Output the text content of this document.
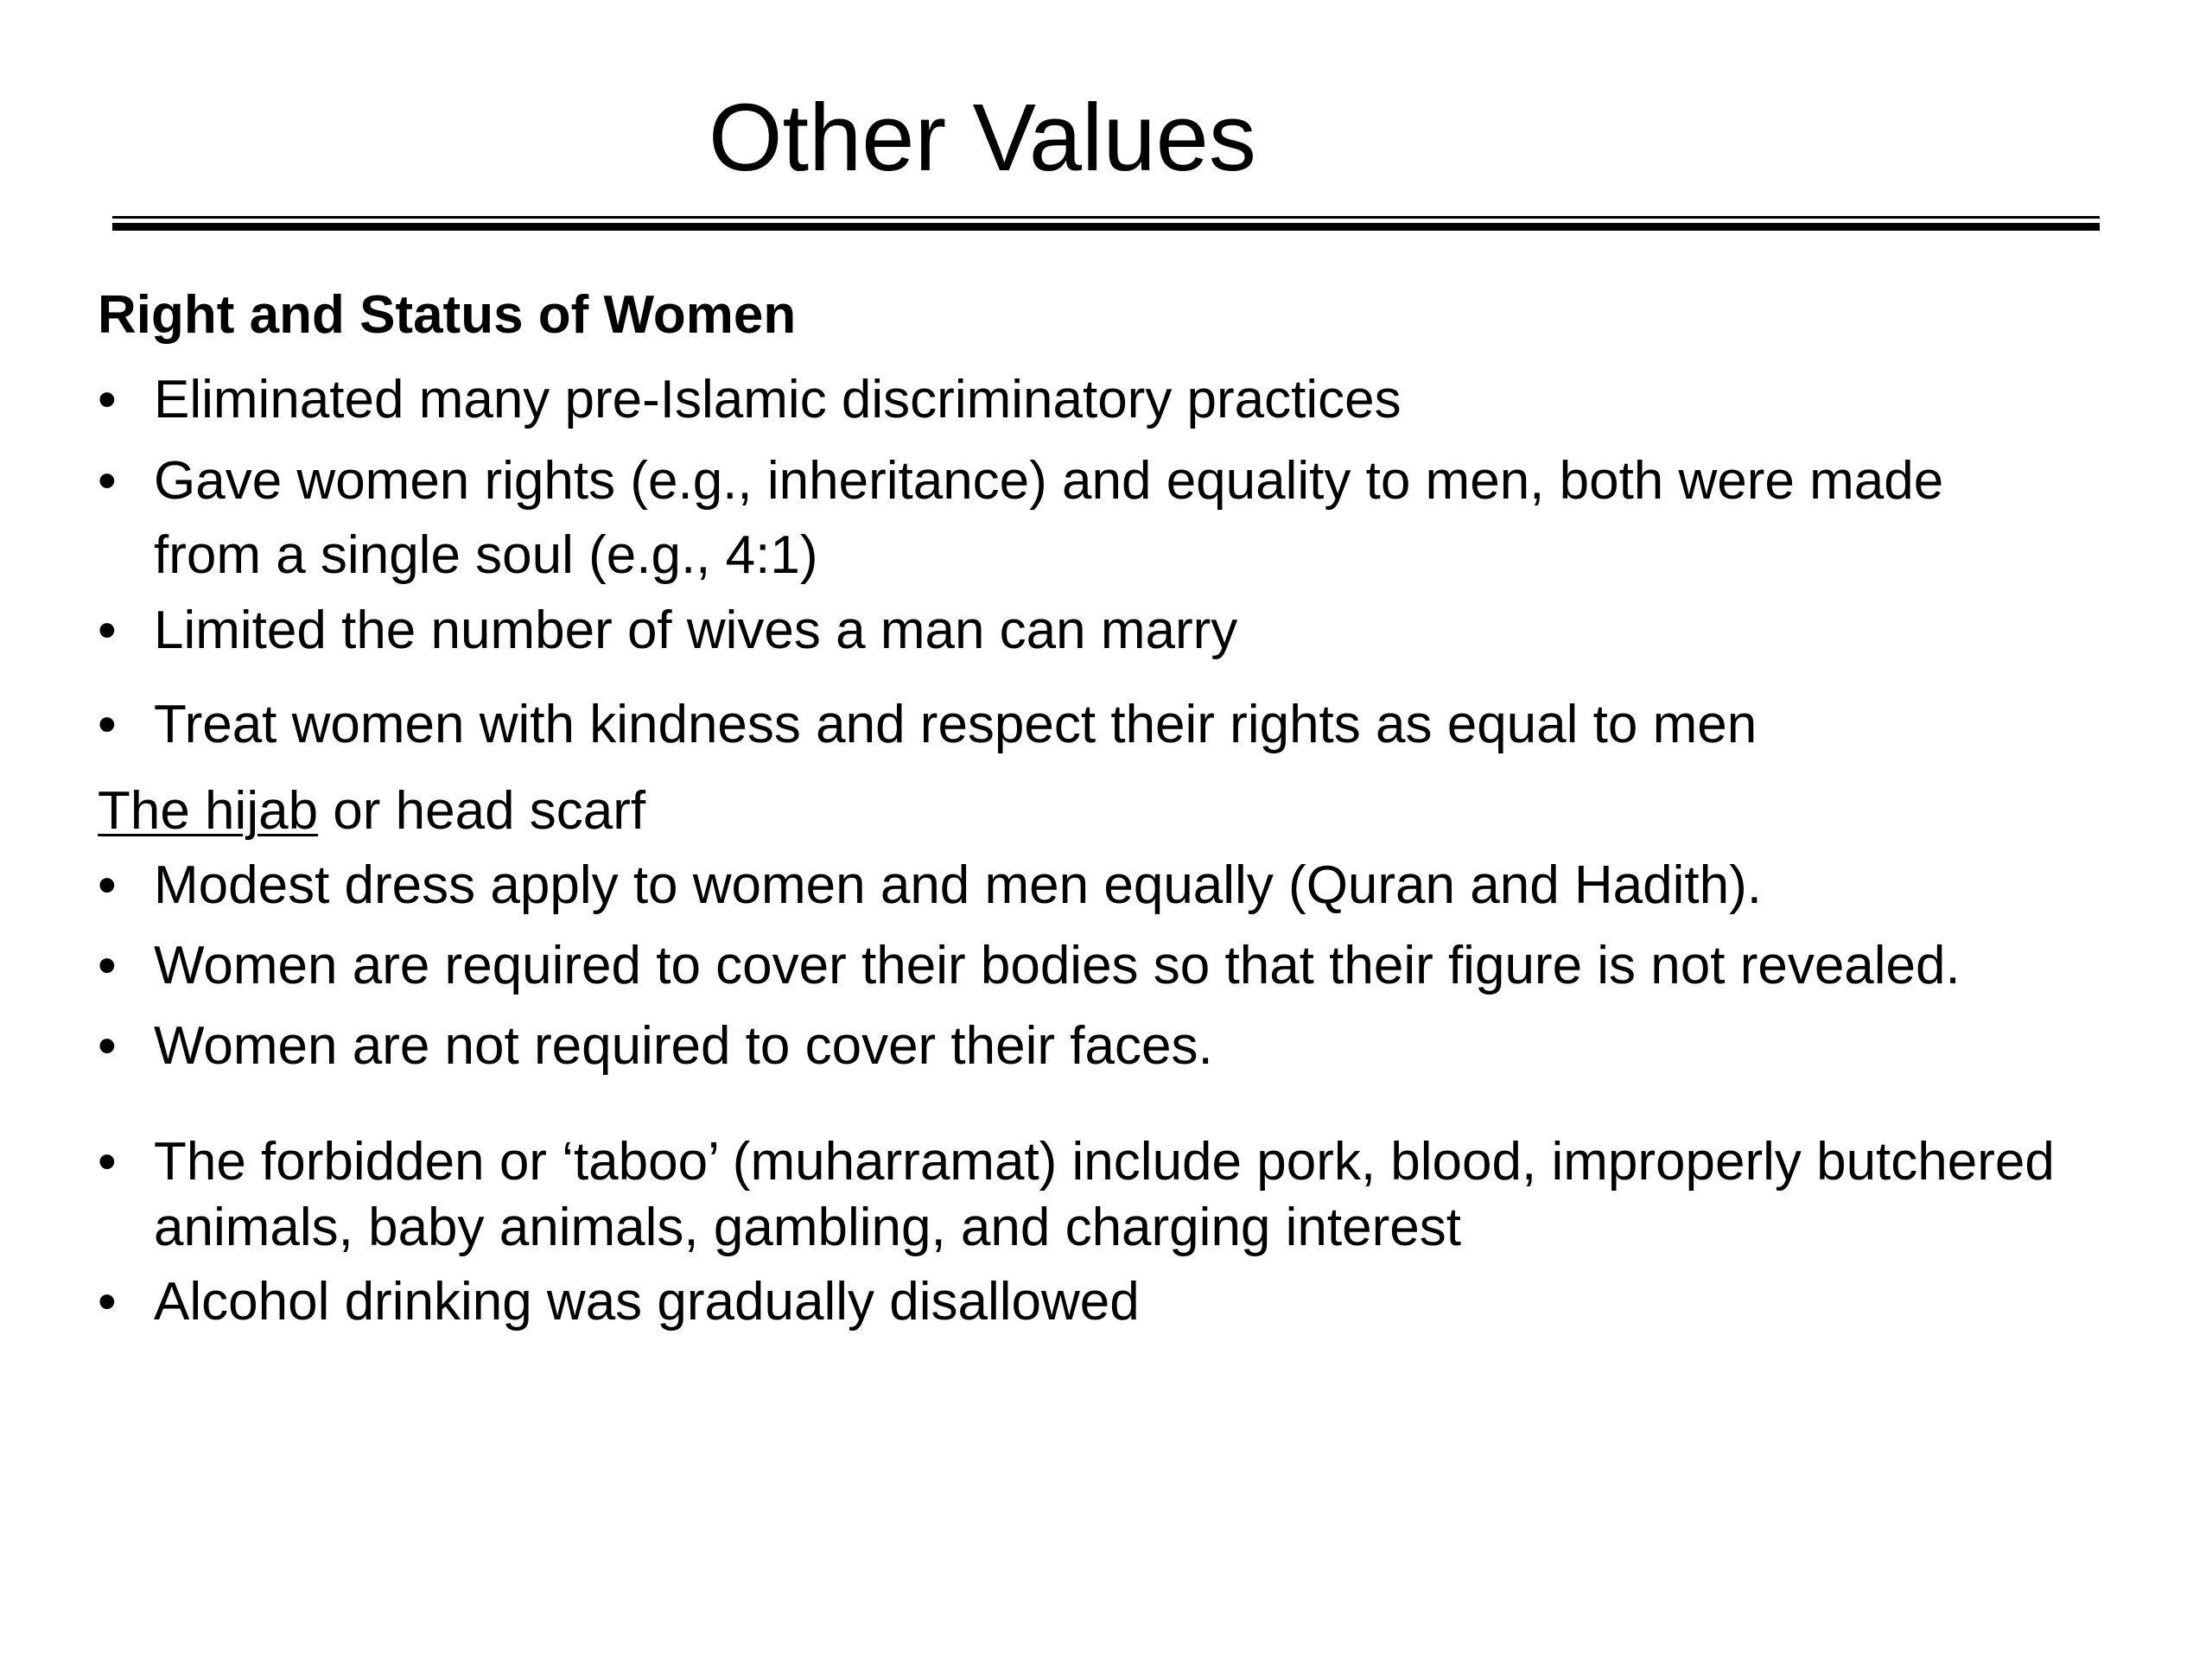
Other Values

Right and Status of Women

• Eliminated many pre-Islamic discriminatory practices

• Gave women rights (e.g., inheritance) and equality to men, both were made

from a single soul (e.g., 4:1)

• Limited the number of wives a man can marry

• Treat women with kindness and respect their rights as equal to men

The hijab or head scarf

• Modest dress apply to women and men equally (Quran and Hadith).

• Women are required to cover their bodies so that their figure is not revealed.

• Women are not required to cover their faces.

• The forbidden or ‘taboo’ (muharramat) include pork, blood, improperly butchered

animals, baby animals, gambling, and charging interest

• Alcohol drinking was gradually disallowed
